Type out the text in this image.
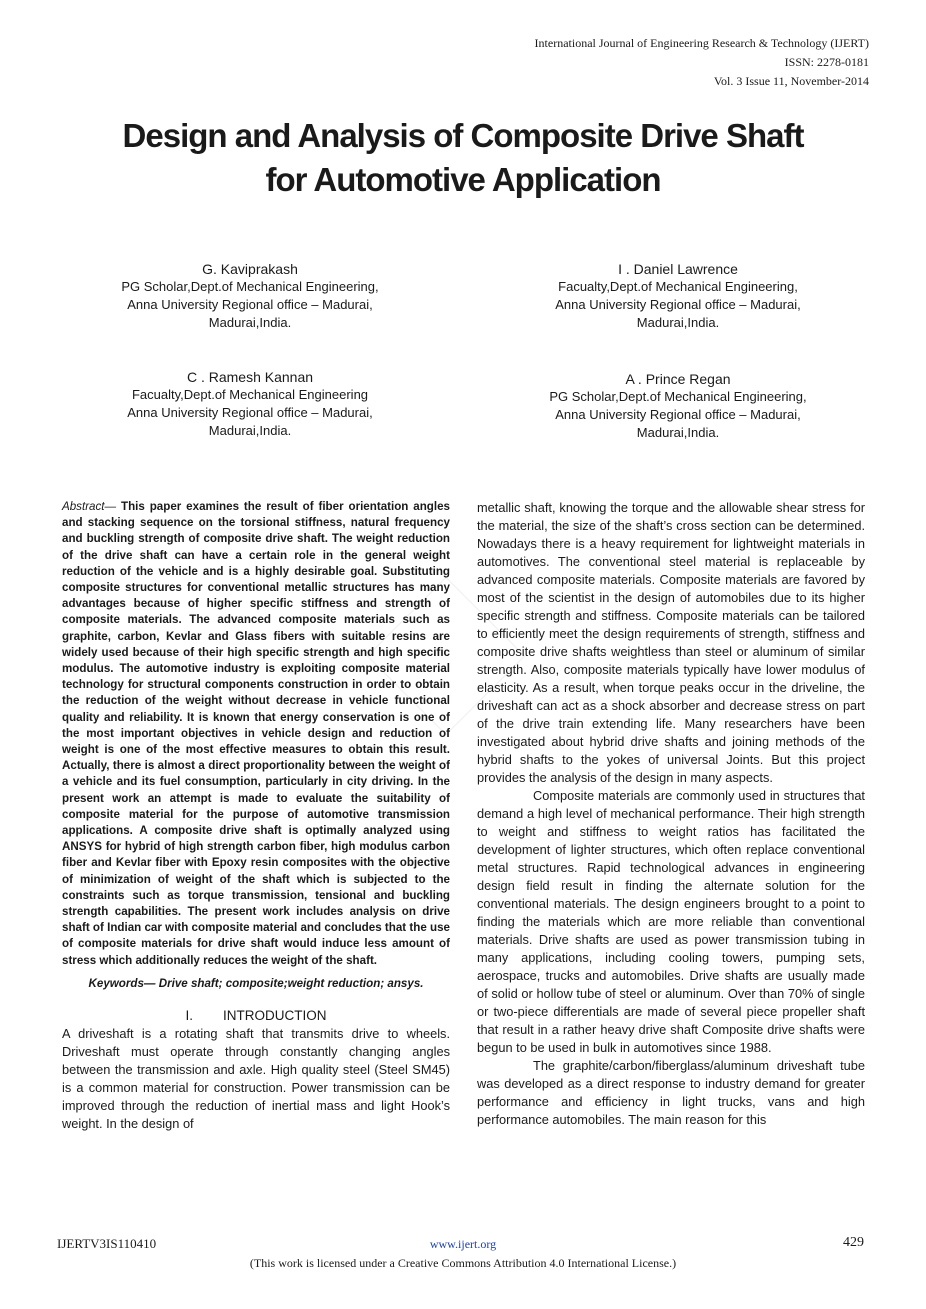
International Journal of Engineering Research & Technology (IJERT)
ISSN: 2278-0181
Vol. 3 Issue 11, November-2014
Design and Analysis of Composite Drive Shaft
for Automotive Application
G. Kaviprakash
PG Scholar,Dept.of Mechanical Engineering,
Anna University Regional office – Madurai,
Madurai,India.
I . Daniel Lawrence
Facualty,Dept.of Mechanical Engineering,
Anna University Regional office – Madurai,
Madurai,India.
C . Ramesh Kannan
Facualty,Dept.of Mechanical Engineering
Anna University Regional office – Madurai,
Madurai,India.
A . Prince Regan
PG Scholar,Dept.of Mechanical Engineering,
Anna University Regional office – Madurai,
Madurai,India.

Abstract— This paper examines the result of fiber orientation angles and stacking sequence on the torsional stiffness, natural frequency and buckling strength of composite drive shaft. The weight reduction of the drive shaft can have a certain role in the general weight reduction of the vehicle and is a highly desirable goal. Substituting composite structures for conventional metallic structures has many advantages because of higher specific stiffness and strength of composite materials. The advanced composite materials such as graphite, carbon, Kevlar and Glass fibers with suitable resins are widely used because of their high specific strength and high specific modulus. The automotive industry is exploiting composite material technology for structural components construction in order to obtain the reduction of the weight without decrease in vehicle functional quality and reliability. It is known that energy conservation is one of the most important objectives in vehicle design and reduction of weight is one of the most effective measures to obtain this result. Actually, there is almost a direct proportionality between the weight of a vehicle and its fuel consumption, particularly in city driving. In the present work an attempt is made to evaluate the suitability of composite material for the purpose of automotive transmission applications. A composite drive shaft is optimally analyzed using ANSYS for hybrid of high strength carbon fiber, high modulus carbon fiber and Kevlar fiber with Epoxy resin composites with the objective of minimization of weight of the shaft which is subjected to the constraints such as torque transmission, tensional and buckling strength capabilities. The present work includes analysis on drive shaft of Indian car with composite material and concludes that the use of composite materials for drive shaft would induce less amount of stress which additionally reduces the weight of the shaft.

Keywords— Drive shaft; composite;weight reduction; ansys.

I. INTRODUCTION

A driveshaft is a rotating shaft that transmits drive to wheels. Driveshaft must operate through constantly changing angles between the transmission and axle. High quality steel (Steel SM45) is a common material for construction. Power transmission can be improved through the reduction of inertial mass and light Hook’s weight. In the design of

metallic shaft, knowing the torque and the allowable shear stress for the material, the size of the shaft’s cross section can be determined. Nowadays there is a heavy requirement for lightweight materials in automotives. The conventional steel material is replaceable by advanced composite materials. Composite materials are favored by most of the scientist in the design of automobiles due to its higher specific strength and stiffness. Composite materials can be tailored to efficiently meet the design requirements of strength, stiffness and composite drive shafts weightless than steel or aluminum of similar strength. Also, composite materials typically have lower modulus of elasticity. As a result, when torque peaks occur in the driveline, the driveshaft can act as a shock absorber and decrease stress on part of the drive train extending life. Many researchers have been investigated about hybrid drive shafts and joining methods of the hybrid shafts to the yokes of universal Joints. But this project provides the analysis of the design in many aspects.

Composite materials are commonly used in structures that demand a high level of mechanical performance. Their high strength to weight and stiffness to weight ratios has facilitated the development of lighter structures, which often replace conventional metal structures. Rapid technological advances in engineering design field result in finding the alternate solution for the conventional materials. The design engineers brought to a point to finding the materials which are more reliable than conventional materials. Drive shafts are used as power transmission tubing in many applications, including cooling towers, pumping sets, aerospace, trucks and automobiles. Drive shafts are usually made of solid or hollow tube of steel or aluminum. Over than 70% of single or two-piece differentials are made of several piece propeller shaft that result in a rather heavy drive shaft Composite drive shafts were begun to be used in bulk in automotives since 1988.

The graphite/carbon/fiberglass/aluminum driveshaft tube was developed as a direct response to industry demand for greater performance and efficiency in light trucks, vans and high performance automobiles. The main reason for this

IJERTV3IS110410	www.ijert.org	429
(This work is licensed under a Creative Commons Attribution 4.0 International License.)
